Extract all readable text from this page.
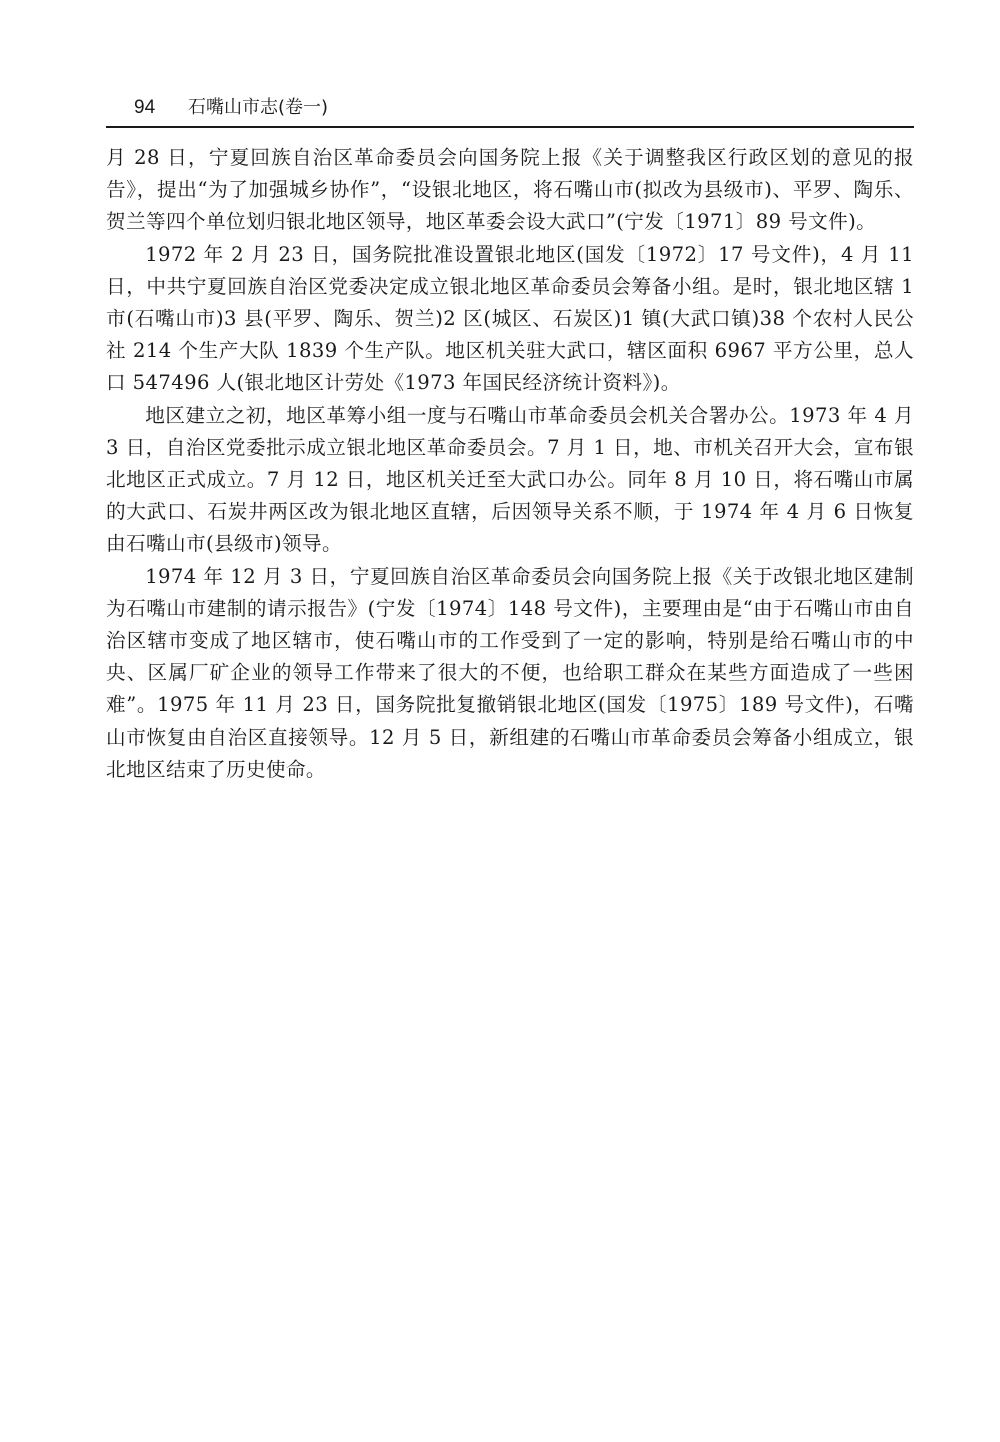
94 石嘴山市志(卷一)

月 28 日，宁夏回族自治区革命委员会向国务院上报《关于调整我区行政区划的意见的报告》，提出“为了加强城乡协作”，“设银北地区，将石嘴山市(拟改为县级市)、平罗、陶乐、贺兰等四个单位划归银北地区领导，地区革委会设大武口”(宁发〔1971〕89 号文件)。

1972 年 2 月 23 日，国务院批准设置银北地区(国发〔1972〕17 号文件)，4 月 11 日，中共宁夏回族自治区党委决定成立银北地区革命委员会筹备小组。是时，银北地区辖 1 市(石嘴山市)3 县(平罗、陶乐、贺兰)2 区(城区、石炭区)1 镇(大武口镇)38 个农村人民公社 214 个生产大队 1839 个生产队。地区机关驻大武口，辖区面积 6967 平方公里，总人口 547496 人(银北地区计劳处《1973 年国民经济统计资料》)。

地区建立之初，地区革筹小组一度与石嘴山市革命委员会机关合署办公。1973 年 4 月 3 日，自治区党委批示成立银北地区革命委员会。7 月 1 日，地、市机关召开大会，宣布银北地区正式成立。7 月 12 日，地区机关迁至大武口办公。同年 8 月 10 日，将石嘴山市属的大武口、石炭井两区改为银北地区直辖，后因领导关系不顺，于 1974 年 4 月 6 日恢复由石嘴山市(县级市)领导。

1974 年 12 月 3 日，宁夏回族自治区革命委员会向国务院上报《关于改银北地区建制为石嘴山市建制的请示报告》(宁发〔1974〕148 号文件)，主要理由是“由于石嘴山市由自治区辖市变成了地区辖市，使石嘴山市的工作受到了一定的影响，特别是给石嘴山市的中央、区属厂矿企业的领导工作带来了很大的不便，也给职工群众在某些方面造成了一些困难”。1975 年 11 月 23 日，国务院批复撤销银北地区(国发〔1975〕189 号文件)，石嘴山市恢复由自治区直接领导。12 月 5 日，新组建的石嘴山市革命委员会筹备小组成立，银北地区结束了历史使命。
